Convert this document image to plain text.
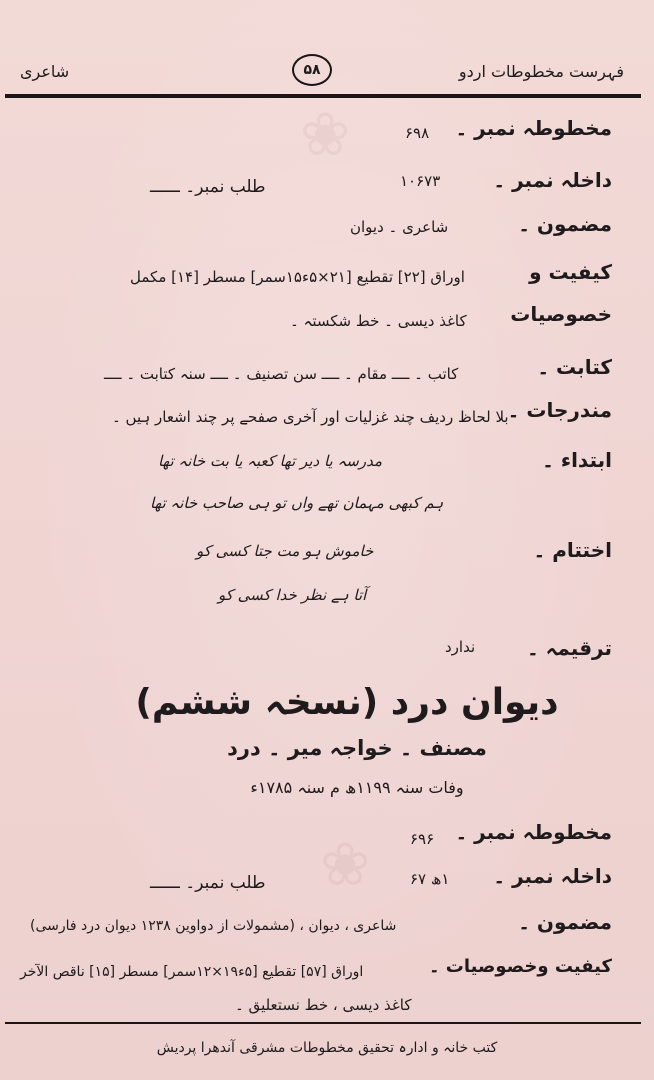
❀
❀
شاعری	۵۸	فہرست مخطوطات اردو
مخطوطہ نمبر ۔
۶۹۸
داخلہ نمبر ۔
۱۰۶۷۳
طلب نمبر۔ ــــــ
مضمون ۔
شاعری ۔ دیوان
کیفیت و
اوراق [۲۲] تقطیع [۲۱×۵ء۱۵سمر] مسطر [۱۴] مکمل
خصوصیات
کاغذ دیسی ۔ خط شکستہ ۔
کتابت ۔
کاتب ۔ ــــ مقام ۔ ــــ سن تصنیف ۔ ــــ سنہ کتابت ۔ ــــ
مندرجات ۔
بلا لحاظ ردیف چند غزلیات اور آخری صفحے پر چند اشعار ہیں ۔
ابتداء ۔
مدرسہ یا دیر تھا کعبہ یا بت خانہ تھا
ہم کبھی مہمان تھے واں تو ہی صاحب خانہ تھا
اختتام ۔
خاموش ہو مت جتا کسی کو
آتا ہے نظر خدا کسی کو
ترقیمہ ۔
ندارد
دیوان درد (نسخہ ششم)
مصنف ۔ خواجہ میر ۔ درد
وفات سنہ ۱۱۹۹ھ م سنہ ۱۷۸۵ء
مخطوطہ نمبر ۔
۶۹۶
داخلہ نمبر ۔
۱ھ ۶۷
طلب نمبر۔ ــــــ
مضمون ۔
شاعری ، دیوان ، (مشمولات از دواوین ۱۲۳۸ دیوان درد فارسی)
کیفیت وخصوصیات ۔
اوراق [۵۷] تقطیع [۵ء۱۹×۱۲سمر] مسطر [۱۵] ناقص الآخر
کاغذ دیسی ، خط نستعلیق ۔
کتب خانہ و ادارہ تحقیق مخطوطات مشرقی آندھرا پردیش
